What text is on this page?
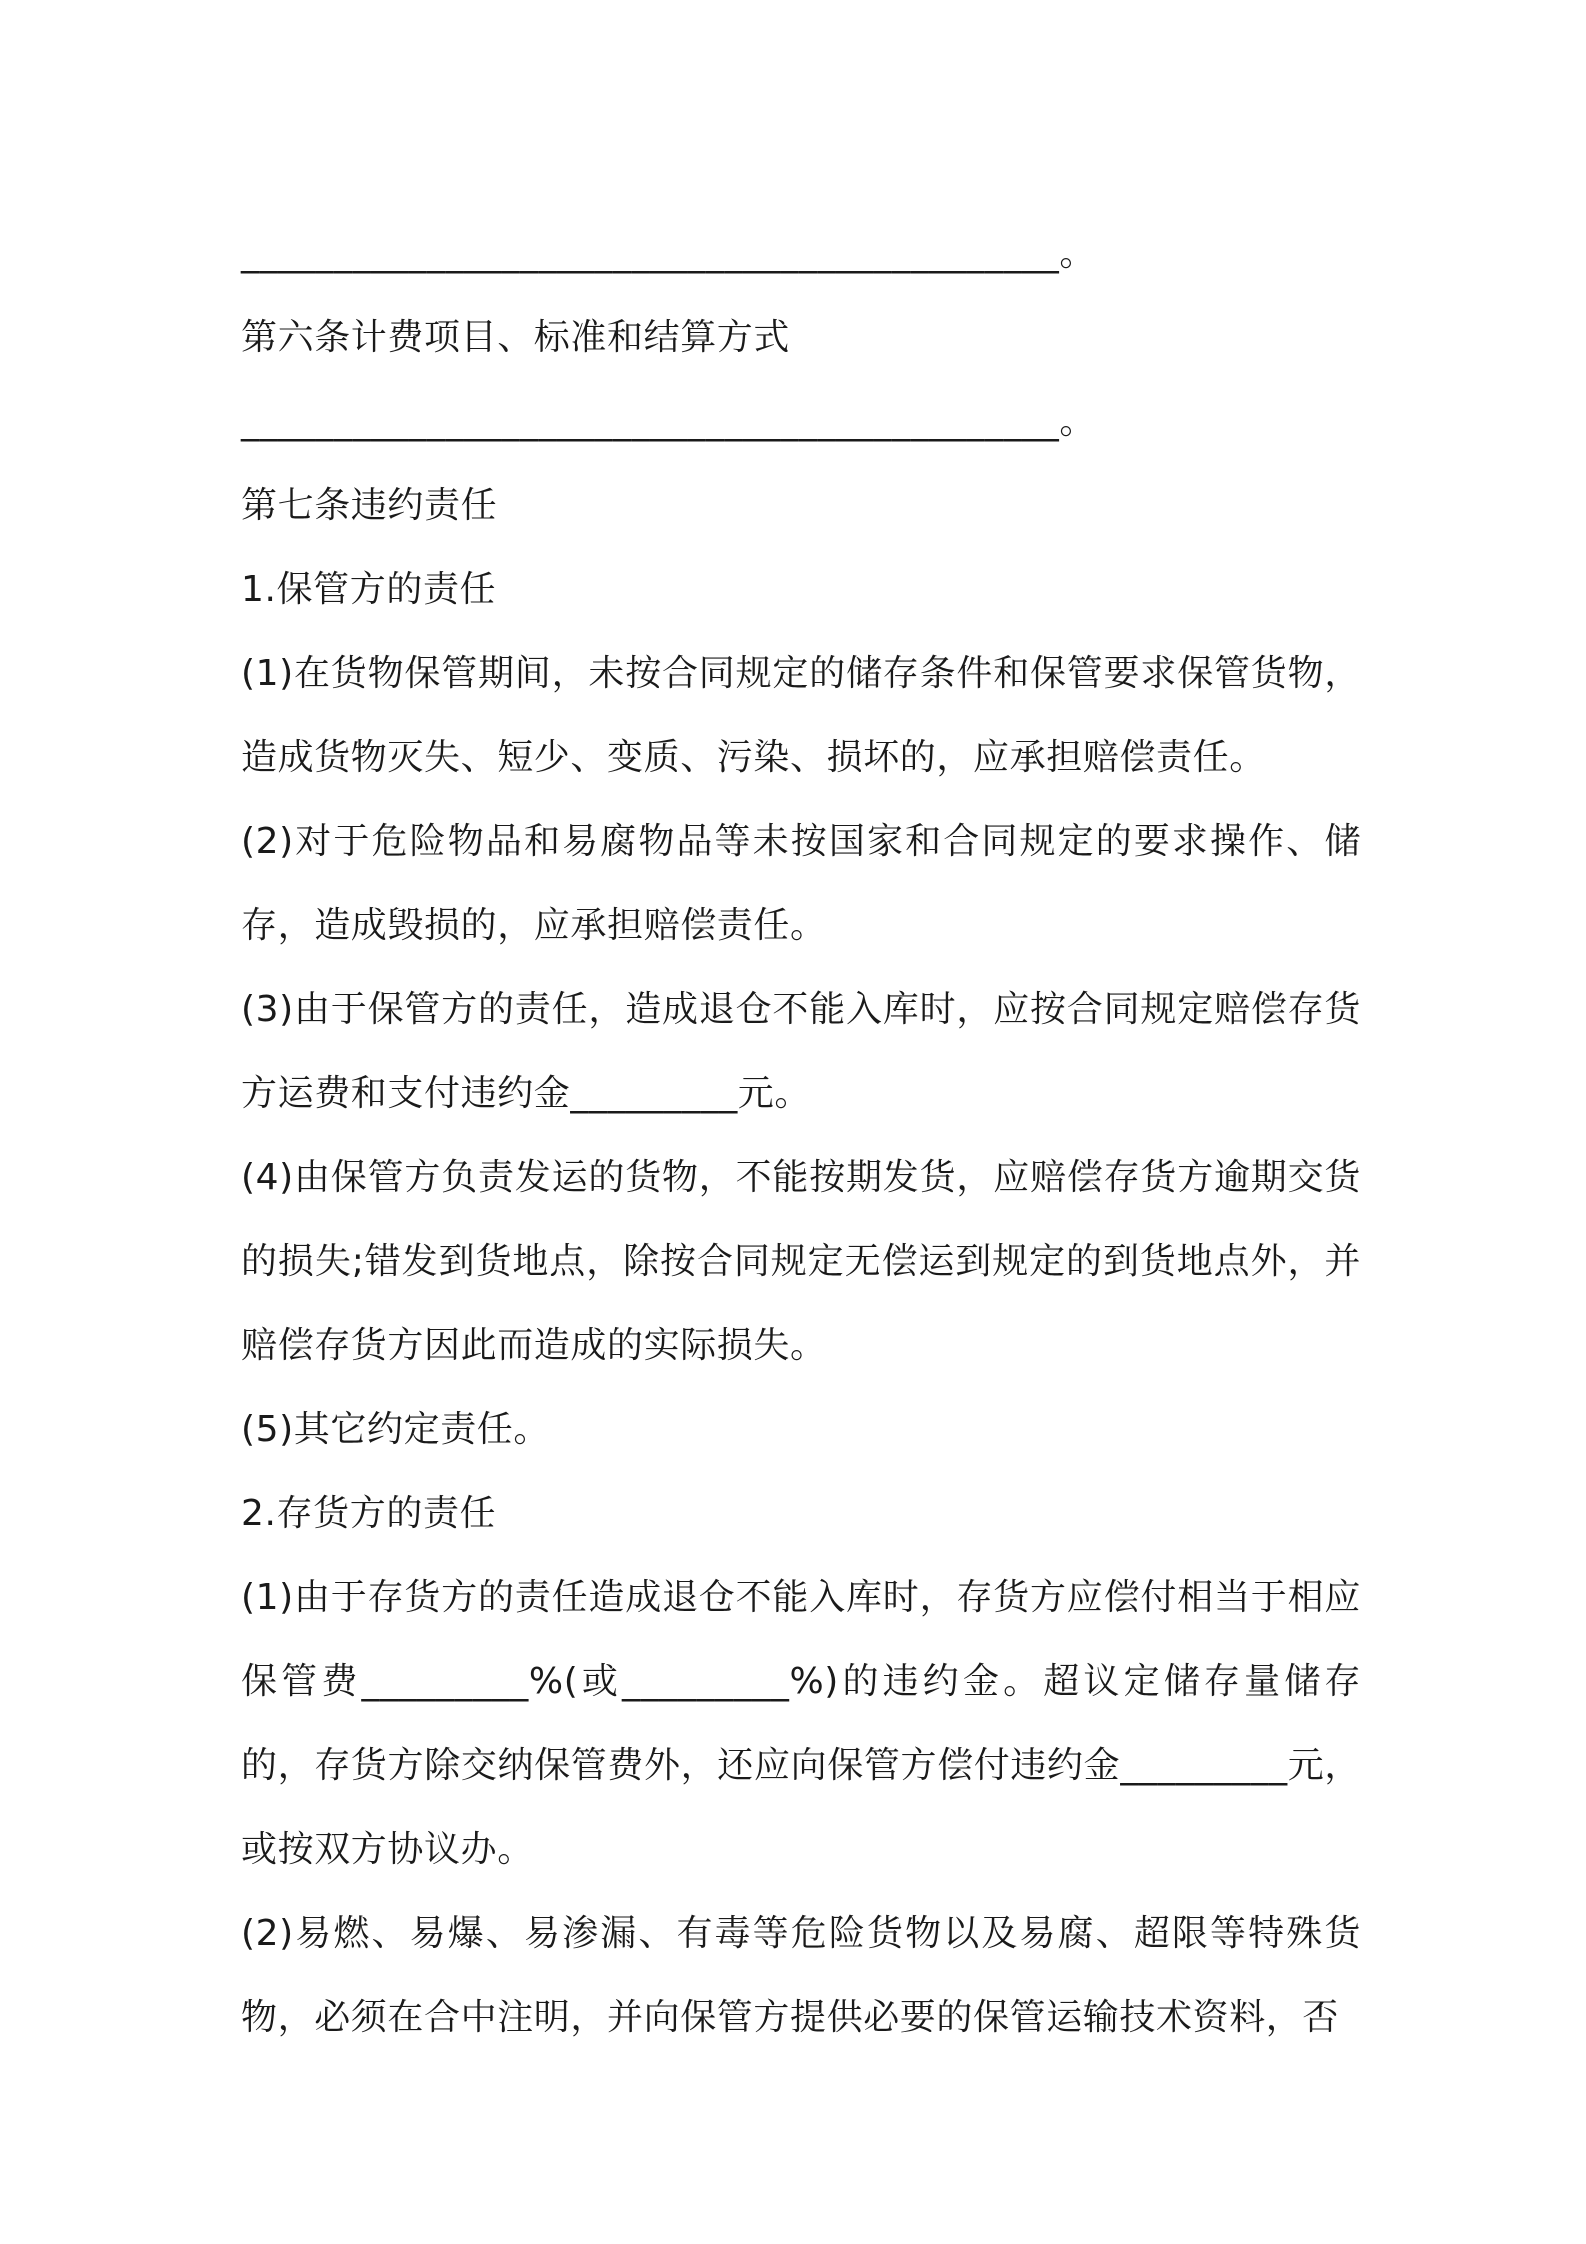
____________________________________________。
第六条计费项目、标准和结算方式
____________________________________________。
第七条违约责任
1.保管方的责任
(1)在货物保管期间，未按合同规定的储存条件和保管要求保管货物，造成货物灭失、短少、变质、污染、损坏的，应承担赔偿责任。
(2)对于危险物品和易腐物品等未按国家和合同规定的要求操作、储存，造成毁损的，应承担赔偿责任。
(3)由于保管方的责任，造成退仓不能入库时，应按合同规定赔偿存货方运费和支付违约金_________元。
(4)由保管方负责发运的货物，不能按期发货，应赔偿存货方逾期交货的损失;错发到货地点，除按合同规定无偿运到规定的到货地点外，并赔偿存货方因此而造成的实际损失。
(5)其它约定责任。
2.存货方的责任
(1)由于存货方的责任造成退仓不能入库时，存货方应偿付相当于相应保管费_________%(或_________%)的违约金。超议定储存量储存的，存货方除交纳保管费外，还应向保管方偿付违约金_________元，或按双方协议办。
(2)易燃、易爆、易渗漏、有毒等危险货物以及易腐、超限等特殊货物，必须在合中注明，并向保管方提供必要的保管运输技术资料，否
